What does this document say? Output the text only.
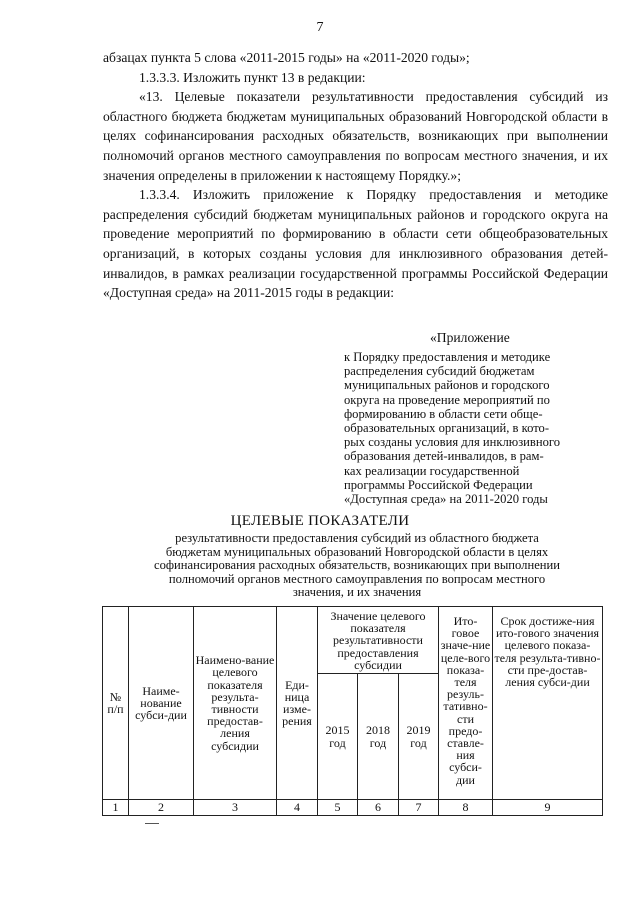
7

абзацах пункта 5 слова «2011-2015 годы» на «2011-2020 годы»;

1.3.3.3. Изложить пункт 13 в редакции:

«13. Целевые показатели результативности предоставления субсидий из областного бюджета бюджетам муниципальных образований Новгородской области в целях софинансирования расходных обязательств, возникающих при выполнении полномочий органов местного самоуправления по вопросам местного значения, и их значения определены в приложении к настоящему Порядку.»;

1.3.3.4. Изложить приложение к Порядку предоставления и методике распределения субсидий бюджетам муниципальных районов и городского округа на проведение мероприятий по формированию в области сети общеобразовательных организаций, в которых созданы условия для инклюзивного образования детей-инвалидов, в рамках реализации государственной программы Российской Федерации «Доступная среда» на 2011-2015 годы в редакции:

«Приложение
к Порядку предоставления и методике
распределения субсидий бюджетам
муниципальных районов и городского
округа на проведение мероприятий по
формированию в области сети обще-
образовательных организаций, в кото-
рых созданы условия для инклюзивного
образования детей-инвалидов, в рам-
ках реализации государственной
программы Российской Федерации
«Доступная среда» на 2011-2020 годы
ЦЕЛЕВЫЕ ПОКАЗАТЕЛИ
результативности предоставления субсидий из областного бюджета
бюджетам муниципальных образований Новгородской области в целях
софинансирования расходных обязательств, возникающих при выполнении
полномочий органов местного самоуправления по вопросам местного
значения, и их значения
№ п/п	Наиме-нование субси-дии	Наимено-вание целевого показателя результа-тивности предостав-ления субсидии	Еди-ница изме-рения	Значение целевого показателя результативности предоставления субсидии			Ито-говое значе-ние целе-вого показа-теля резуль-тативно-сти предо-ставле-ния субси-дии	Срок достиже-ния ито-гового значения целевого показа-теля результа-тивно-сти пре-достав-ления субси-дии
				2015 год	2018 год	2019 год		
1	2	3	4	5	6	7	8	9
